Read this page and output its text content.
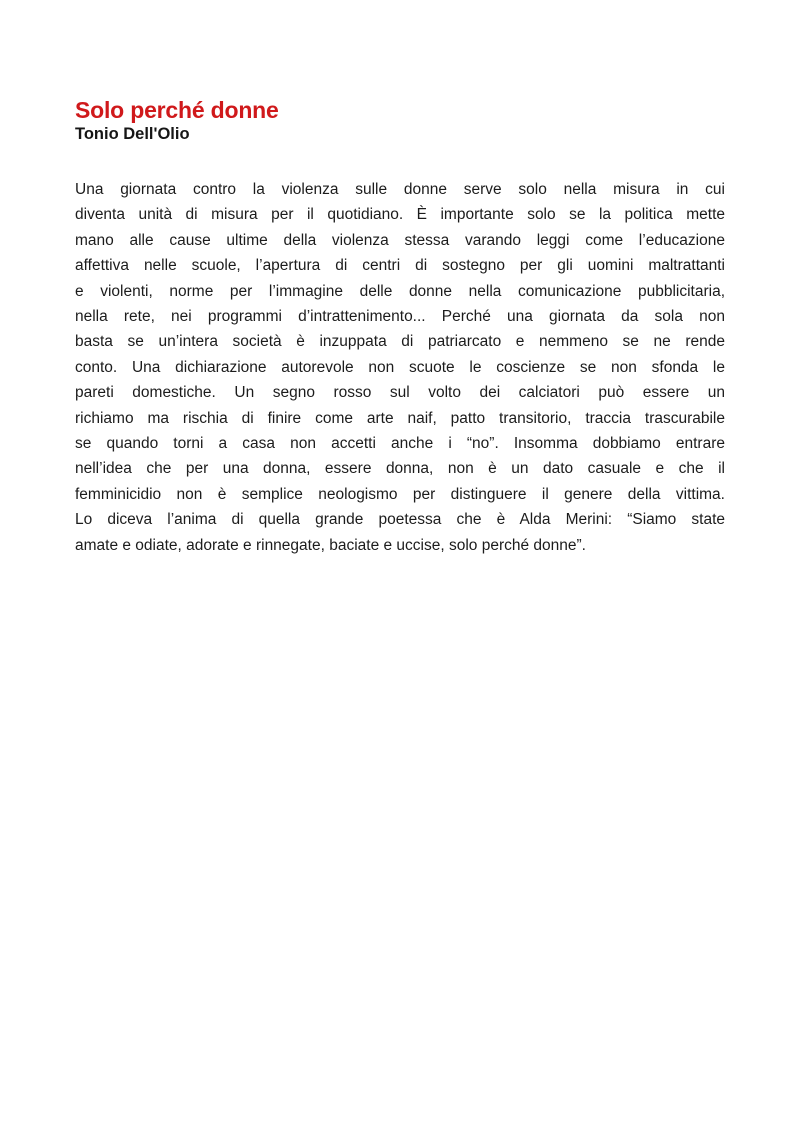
Solo perché donne

Tonio Dell'Olio

Una giornata contro la violenza sulle donne serve solo nella misura in cui
diventa unità di misura per il quotidiano. È importante solo se la politica mette
mano alle cause ultime della violenza stessa varando leggi come l’educazione
affettiva nelle scuole, l’apertura di centri di sostegno per gli uomini maltrattanti
e violenti, norme per l’immagine delle donne nella comunicazione pubblicitaria,
nella rete, nei programmi d’intrattenimento... Perché una giornata da sola non
basta se un’intera società è inzuppata di patriarcato e nemmeno se ne rende
conto. Una dichiarazione autorevole non scuote le coscienze se non sfonda le
pareti domestiche. Un segno rosso sul volto dei calciatori può essere un
richiamo ma rischia di finire come arte naif, patto transitorio, traccia trascurabile
se quando torni a casa non accetti anche i “no”. Insomma dobbiamo entrare
nell’idea che per una donna, essere donna, non è un dato casuale e che il
femminicidio non è semplice neologismo per distinguere il genere della vittima.
Lo diceva l’anima di quella grande poetessa che è Alda Merini: “Siamo state
amate e odiate, adorate e rinnegate, baciate e uccise, solo perché donne”.
